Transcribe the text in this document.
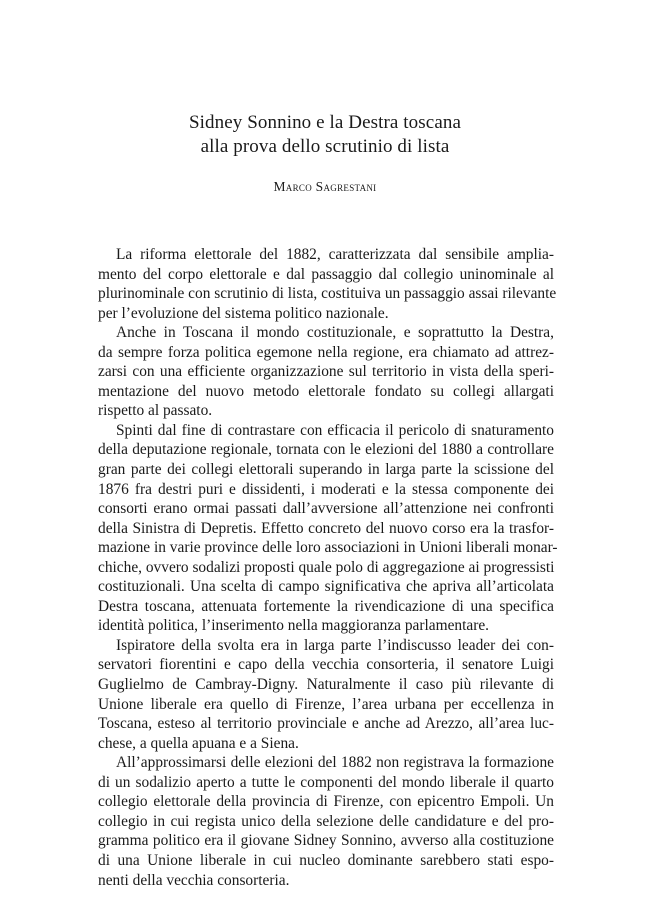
Sidney Sonnino e la Destra toscana

alla prova dello scrutinio di lista

Marco Sagrestani
La riforma elettorale del 1882, caratterizzata dal sensibile amplia-
mento del corpo elettorale e dal passaggio dal collegio uninominale al
plurinominale con scrutinio di lista, costituiva un passaggio assai rilevante
per l’evoluzione del sistema politico nazionale.
Anche in Toscana il mondo costituzionale, e soprattutto la Destra,
da sempre forza politica egemone nella regione, era chiamato ad attrez-
zarsi con una efficiente organizzazione sul territorio in vista della speri-
mentazione del nuovo metodo elettorale fondato su collegi allargati
rispetto al passato.
Spinti dal fine di contrastare con efficacia il pericolo di snaturamento
della deputazione regionale, tornata con le elezioni del 1880 a controllare
gran parte dei collegi elettorali superando in larga parte la scissione del
1876 fra destri puri e dissidenti, i moderati e la stessa componente dei
consorti erano ormai passati dall’avversione all’attenzione nei confronti
della Sinistra di Depretis. Effetto concreto del nuovo corso era la trasfor-
mazione in varie province delle loro associazioni in Unioni liberali monar-
chiche, ovvero sodalizi proposti quale polo di aggregazione ai progressisti
costituzionali. Una scelta di campo significativa che apriva all’articolata
Destra toscana, attenuata fortemente la rivendicazione di una specifica
identità politica, l’inserimento nella maggioranza parlamentare.
Ispiratore della svolta era in larga parte l’indiscusso leader dei con-
servatori fiorentini e capo della vecchia consorteria, il senatore Luigi
Guglielmo de Cambray-Digny. Naturalmente il caso più rilevante di
Unione liberale era quello di Firenze, l’area urbana per eccellenza in
Toscana, esteso al territorio provinciale e anche ad Arezzo, all’area luc-
chese, a quella apuana e a Siena.
All’approssimarsi delle elezioni del 1882 non registrava la formazione
di un sodalizio aperto a tutte le componenti del mondo liberale il quarto
collegio elettorale della provincia di Firenze, con epicentro Empoli. Un
collegio in cui regista unico della selezione delle candidature e del pro-
gramma politico era il giovane Sidney Sonnino, avverso alla costituzione
di una Unione liberale in cui nucleo dominante sarebbero stati espo-
nenti della vecchia consorteria.
